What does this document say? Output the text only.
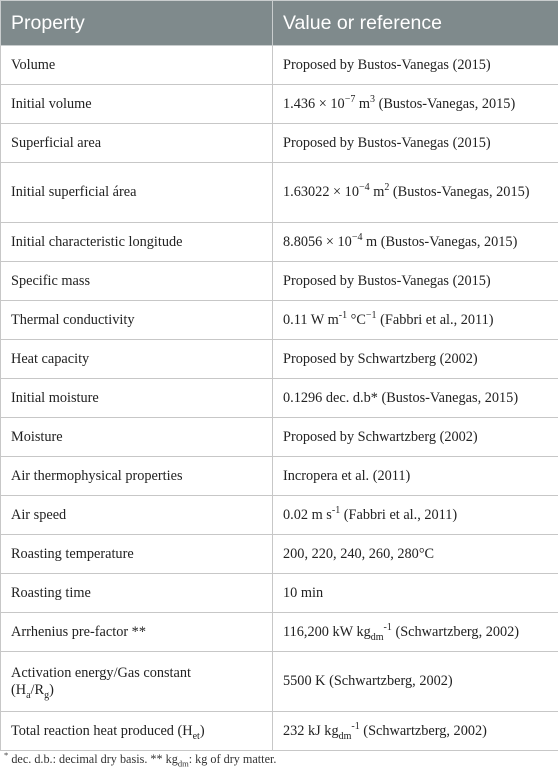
Property	Value or reference
Volume	Proposed by Bustos-Vanegas (2015)
Initial volume	$1.436 \times 10^{-7}$ $m^3$ (Bustos-Vanegas, 2015)
Superficial area	Proposed by Bustos-Vanegas (2015)
Initial superficial área	$1.63022 \times 10^{-4}$ $m^2$ (Bustos-Vanegas, 2015)
Initial characteristic longitude	$8.8056 \times 10^{-4}$ m (Bustos-Vanegas, 2015)
Specific mass	Proposed by Bustos-Vanegas (2015)
Thermal conductivity	0.11 W $m^{-1}$ $^\circ C^{-1}$ (Fabbri et al., 2011)
Heat capacity	Proposed by Schwartzberg (2002)
Initial moisture	0.1296 dec. d.b* (Bustos-Vanegas, 2015)
Moisture	Proposed by Schwartzberg (2002)
Air thermophysical properties	Incropera et al. (2011)
Air speed	0.02 m $s^{-1}$ (Fabbri et al., 2011)
Roasting temperature	200, 220, 240, 260, 280°C
Roasting time	10 min
Arrhenius pre-factor **	116,200 kW $kg_{dm}^{-1}$ (Schwartzberg, 2002)
Activation energy/Gas constant
$(H_a/R_g)$	5500 K (Schwartzberg, 2002)
Total reaction heat produced $(H_{et})$	232 kJ $kg_{dm}^{-1}$ (Schwartzberg, 2002)
* dec. d.b.: decimal dry basis. ** $kg_{dm}$: kg of dry matter.
